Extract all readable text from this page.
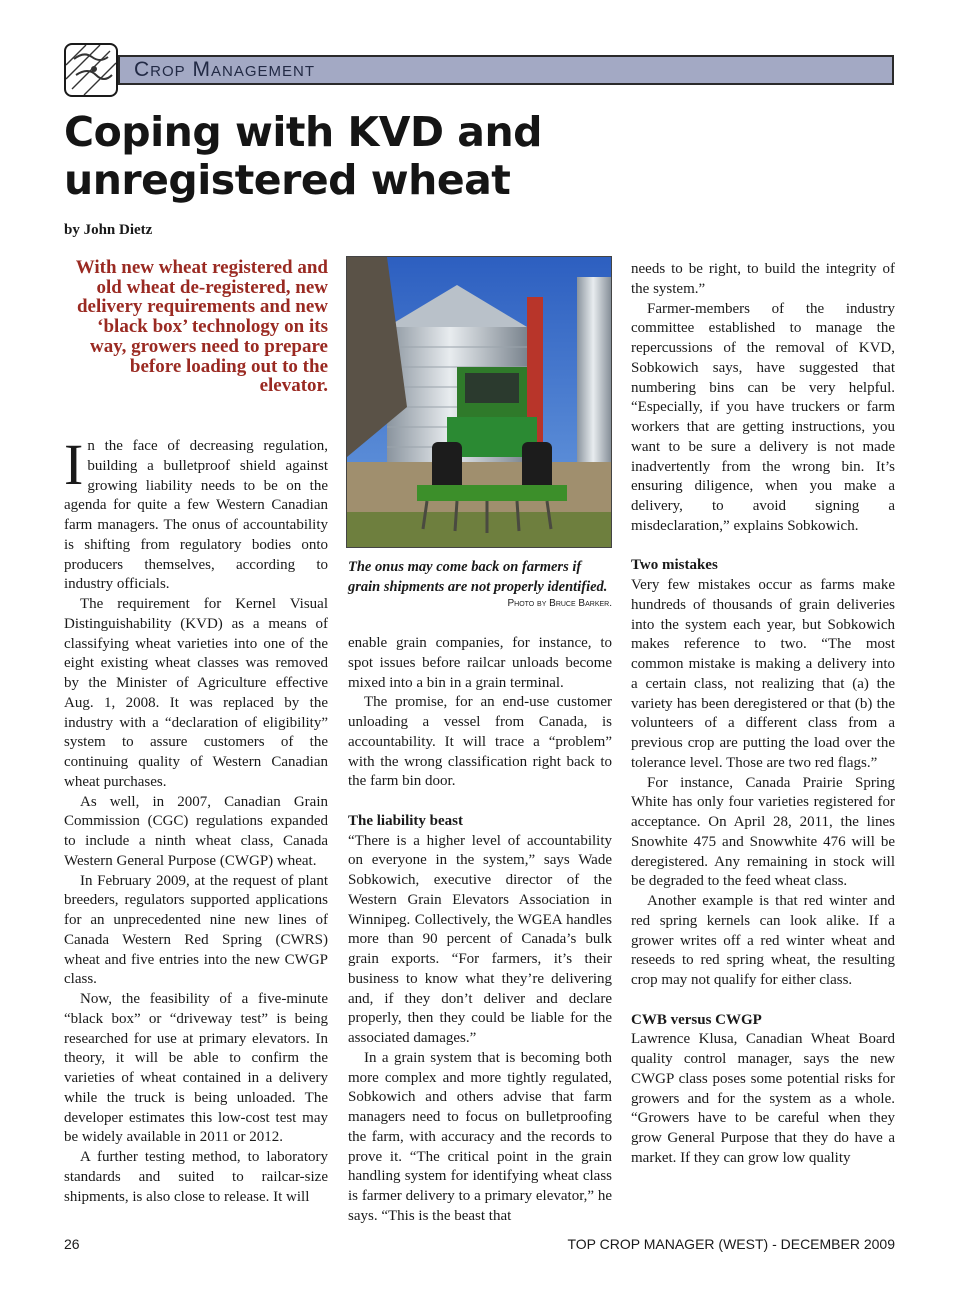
Crop Management
Coping with KVD and unregistered wheat
by John Dietz
With new wheat registered and old wheat de-registered, new delivery requirements and new ‘black box’ technology on its way, growers need to prepare before loading out to the elevator.

In the face of decreasing regulation, building a bulletproof shield against growing liability needs to be on the agenda for quite a few Western Canadian farm managers. The onus of accountability is shifting from regulatory bodies onto producers themselves, according to industry officials.

The requirement for Kernel Visual Distinguishability (KVD) as a means of classifying wheat varieties into one of the eight existing wheat classes was removed by the Minister of Agriculture effective Aug. 1, 2008. It was replaced by the industry with a “declaration of eligibility” system to assure customers of the continuing quality of Western Canadian wheat purchases.

As well, in 2007, Canadian Grain Commission (CGC) regulations expanded to include a ninth wheat class, Canada Western General Purpose (CWGP) wheat.

In February 2009, at the request of plant breeders, regulators supported applications for an unprecedented nine new lines of Canada Western Red Spring (CWRS) wheat and five entries into the new CWGP class.

Now, the feasibility of a five-minute “black box” or “driveway test” is being researched for use at primary elevators. In theory, it will be able to confirm the varieties of wheat contained in a delivery while the truck is being unloaded. The developer estimates this low-cost test may be widely available in 2011 or 2012.

A further testing method, to laboratory standards and suited to railcar-size shipments, is also close to release. It will

The onus may come back on farmers if grain shipments are not properly identified.
Photo by Bruce Barker.

enable grain companies, for instance, to spot issues before railcar unloads become mixed into a bin in a grain terminal.

The promise, for an end-use customer unloading a vessel from Canada, is accountability. It will trace a “problem” with the wrong classification right back to the farm bin door.

The liability beast

“There is a higher level of accountability on everyone in the system,” says Wade Sobkowich, executive director of the Western Grain Elevators Association in Winnipeg. Collectively, the WGEA handles more than 90 percent of Canada’s bulk grain exports. “For farmers, it’s their business to know what they’re delivering and, if they don’t deliver and declare properly, then they could be liable for the associated damages.”

In a grain system that is becoming both more complex and more tightly regulated, Sobkowich and others advise that farm managers need to focus on bulletproofing the farm, with accuracy and the records to prove it. “The critical point in the grain handling system for identifying wheat class is farmer delivery to a primary elevator,” he says. “This is the beast that

needs to be right, to build the integrity of the system.”

Farmer-members of the industry committee established to manage the repercussions of the removal of KVD, Sobkowich says, have suggested that numbering bins can be very helpful. “Especially, if you have truckers or farm workers that are getting instructions, you want to be sure a delivery is not made inadvertently from the wrong bin. It’s ensuring diligence, when you make a delivery, to avoid signing a misdeclaration,” explains Sobkowich.

Two mistakes

Very few mistakes occur as farms make hundreds of thousands of grain deliveries into the system each year, but Sobkowich makes reference to two. “The most common mistake is making a delivery into a certain class, not realizing that (a) the variety has been deregistered or that (b) the volunteers of a different class from a previous crop are putting the load over the tolerance level. Those are two red flags.”

For instance, Canada Prairie Spring White has only four varieties registered for acceptance. On April 28, 2011, the lines Snowhite 475 and Snowwhite 476 will be deregistered. Any remaining in stock will be degraded to the feed wheat class.

Another example is that red winter and red spring kernels can look alike. If a grower writes off a red winter wheat and reseeds to red spring wheat, the resulting crop may not qualify for either class.

CWB versus CWGP

Lawrence Klusa, Canadian Wheat Board quality control manager, says the new CWGP class poses some potential risks for growers and for the system as a whole. “Growers have to be careful when they grow General Purpose that they do have a market. If they can grow low quality

26	TOP CROP MANAGER (WEST) - DECEMBER 2009
